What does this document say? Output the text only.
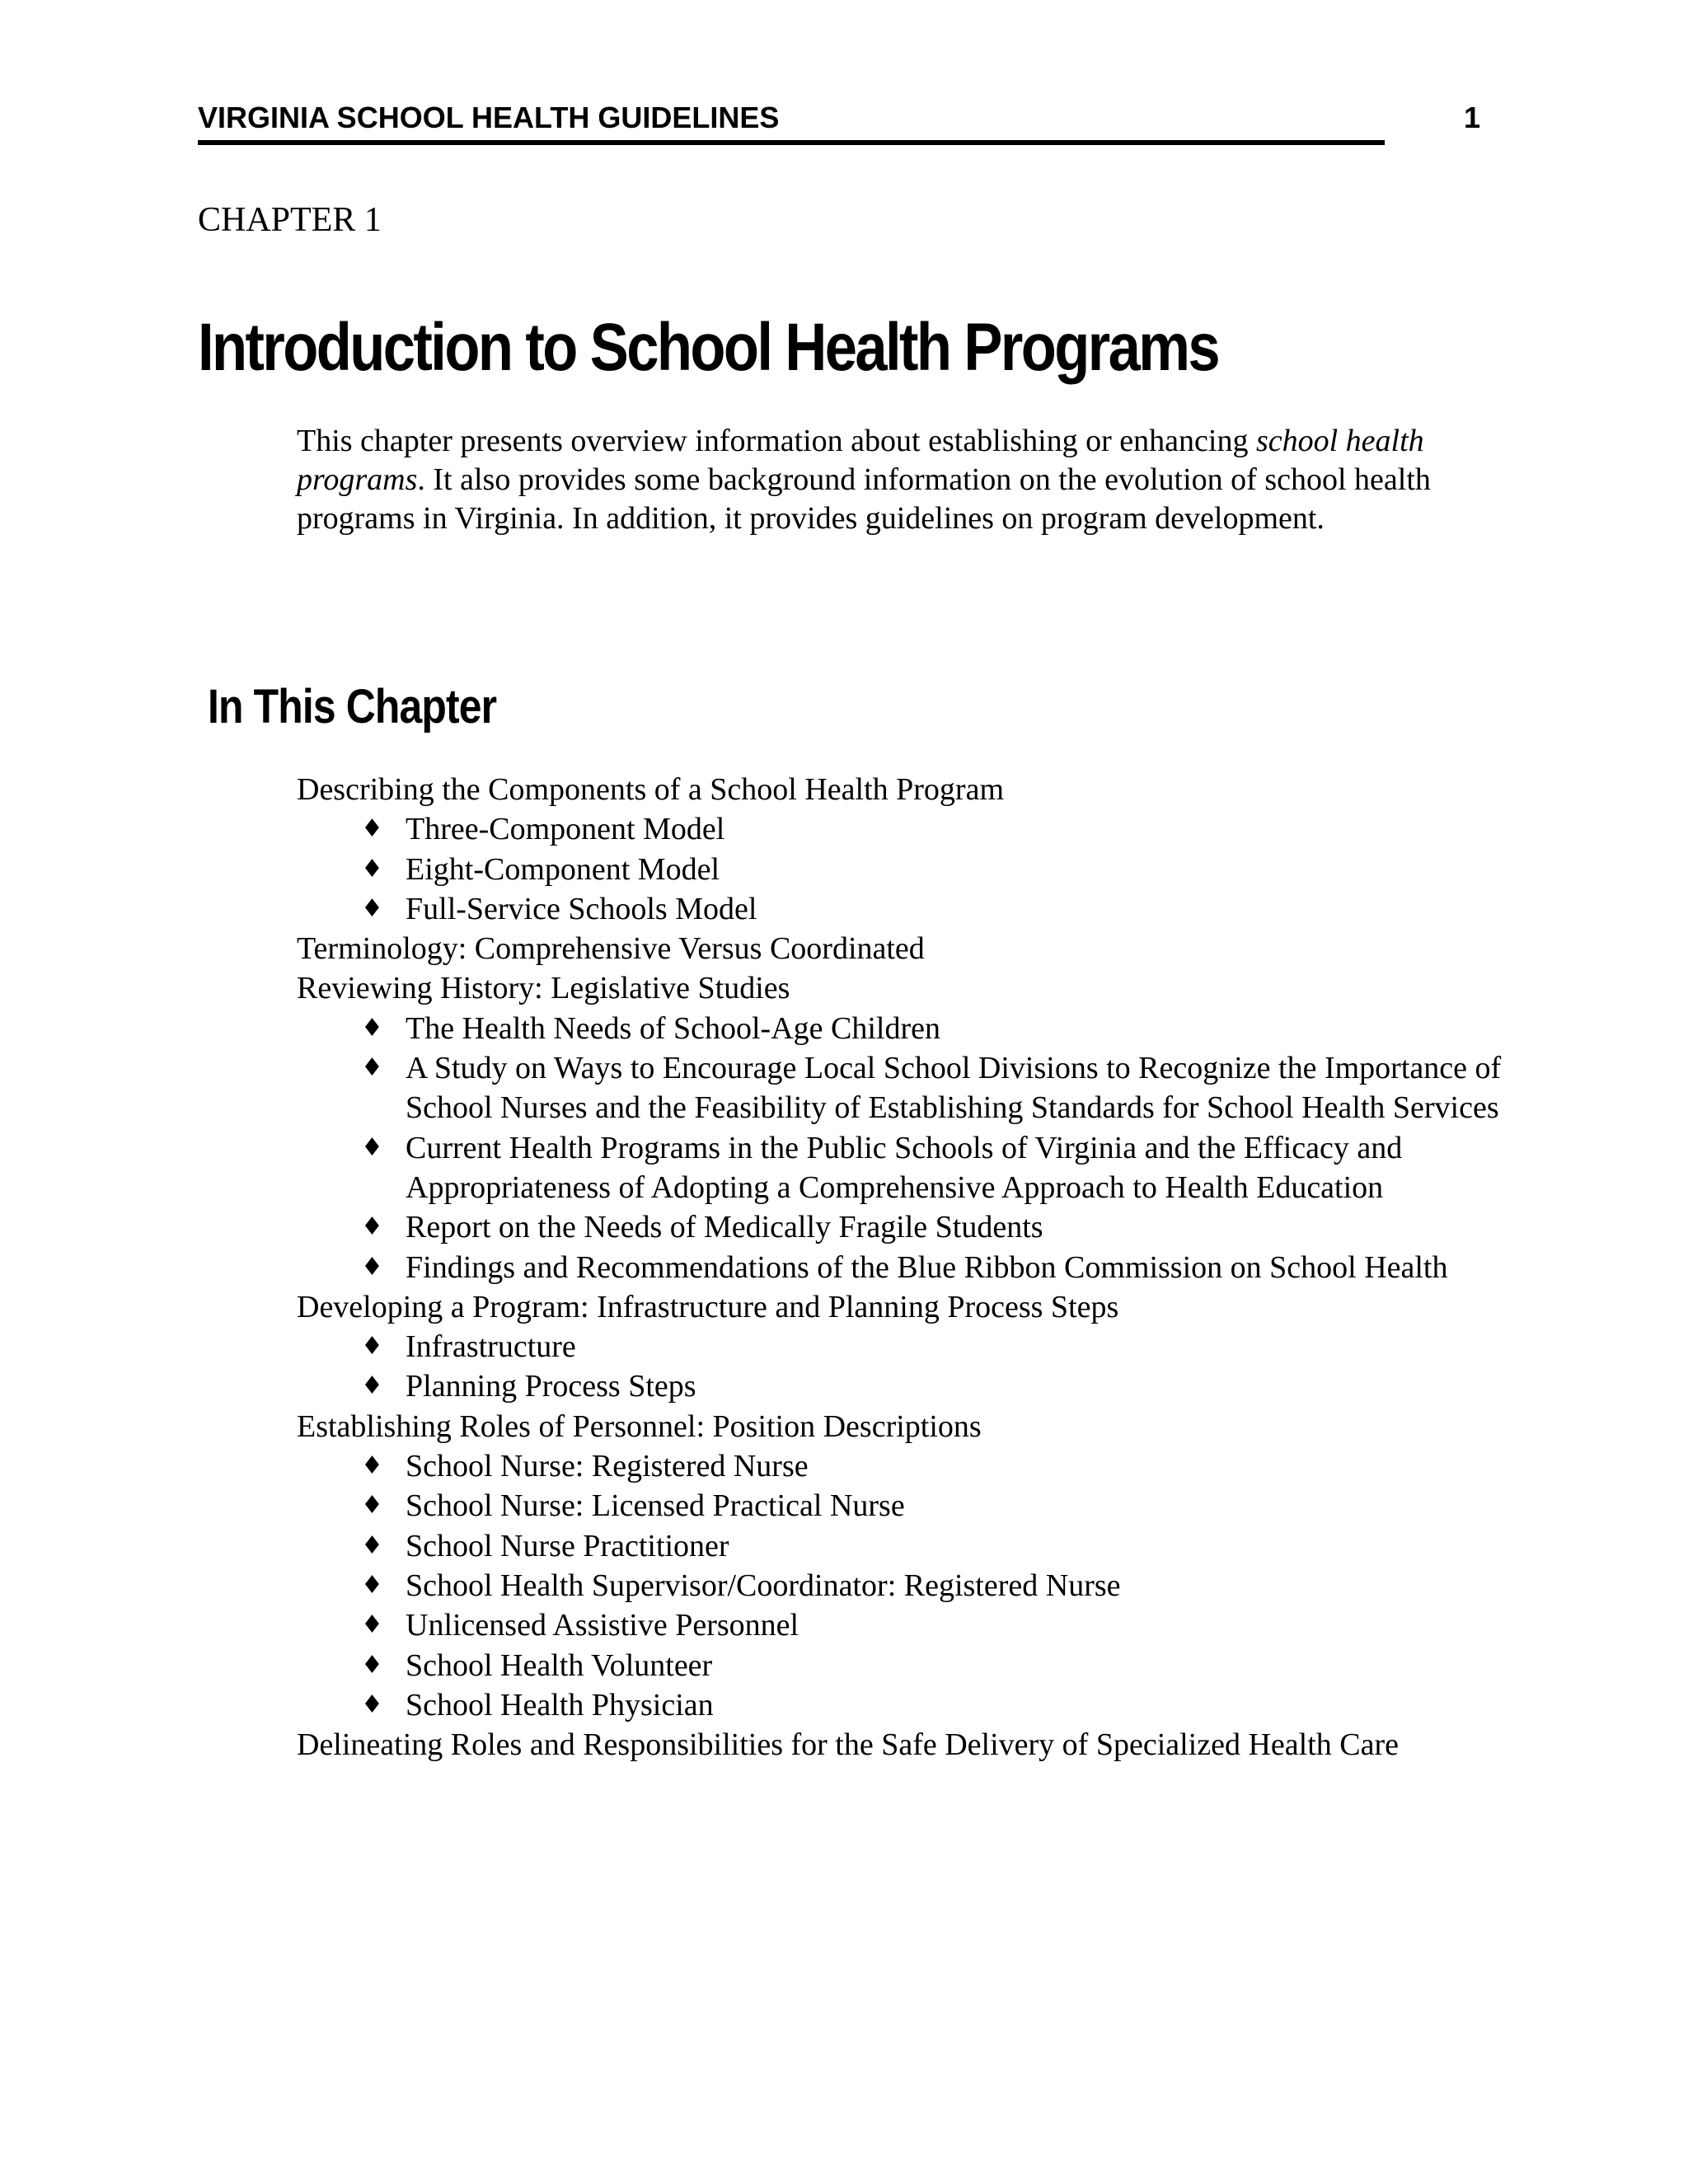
VIRGINIA SCHOOL HEALTH GUIDELINES	1
CHAPTER 1
Introduction to School Health Programs

This chapter presents overview information about establishing or enhancing school health programs. It also provides some background information on the evolution of school health programs in Virginia. In addition, it provides guidelines on program development.

In This Chapter
Describing the Components of a School Health Program
♦ Three-Component Model
♦ Eight-Component Model
♦ Full-Service Schools Model
Terminology: Comprehensive Versus Coordinated
Reviewing History: Legislative Studies
♦ The Health Needs of School-Age Children
♦ A Study on Ways to Encourage Local School Divisions to Recognize the Importance of School Nurses and the Feasibility of Establishing Standards for School Health Services
♦ Current Health Programs in the Public Schools of Virginia and the Efficacy and Appropriateness of Adopting a Comprehensive Approach to Health Education
♦ Report on the Needs of Medically Fragile Students
♦ Findings and Recommendations of the Blue Ribbon Commission on School Health
Developing a Program: Infrastructure and Planning Process Steps
♦ Infrastructure
♦ Planning Process Steps
Establishing Roles of Personnel: Position Descriptions
♦ School Nurse: Registered Nurse
♦ School Nurse: Licensed Practical Nurse
♦ School Nurse Practitioner
♦ School Health Supervisor/Coordinator: Registered Nurse
♦ Unlicensed Assistive Personnel
♦ School Health Volunteer
♦ School Health Physician
Delineating Roles and Responsibilities for the Safe Delivery of Specialized Health Care
